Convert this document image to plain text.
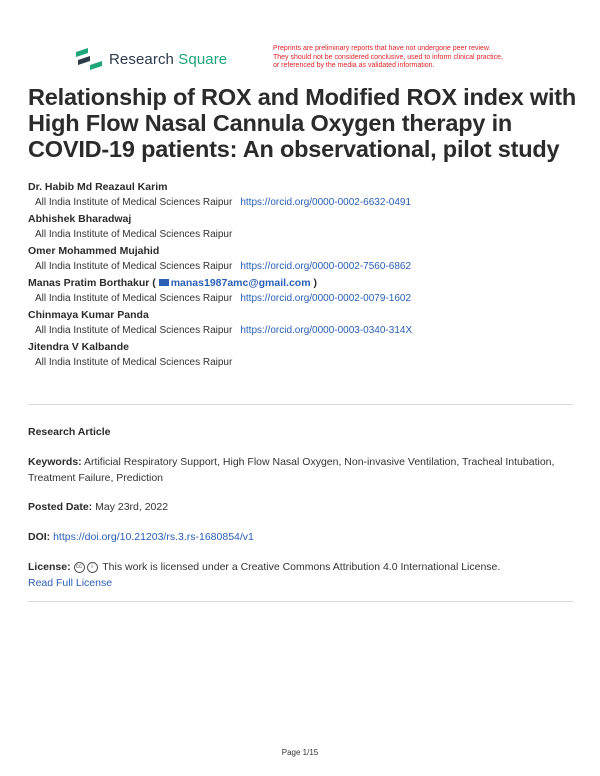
Research Square
Preprints are preliminary reports that have not undergone peer review.
They should not be considered conclusive, used to inform clinical practice,
or referenced by the media as validated information.
Relationship of ROX and Modified ROX index with High Flow Nasal Cannula Oxygen therapy in COVID-19 patients: An observational, pilot study
Dr. Habib Md Reazaul Karim
All India Institute of Medical Sciences Raipur https://orcid.org/0000-0002-6632-0491
Abhishek Bharadwaj
All India Institute of Medical Sciences Raipur
Omer Mohammed Mujahid
All India Institute of Medical Sciences Raipur https://orcid.org/0000-0002-7560-6862
Manas Pratim Borthakur ( manas1987amc@gmail.com )
All India Institute of Medical Sciences Raipur https://orcid.org/0000-0002-0079-1602
Chinmaya Kumar Panda
All India Institute of Medical Sciences Raipur https://orcid.org/0000-0003-0340-314X
Jitendra V Kalbande
All India Institute of Medical Sciences Raipur
Research Article
Keywords: Artificial Respiratory Support, High Flow Nasal Oxygen, Non-invasive Ventilation, Tracheal Intubation, Treatment Failure, Prediction
Posted Date: May 23rd, 2022
DOI: https://doi.org/10.21203/rs.3.rs-1680854/v1
License: cc i This work is licensed under a Creative Commons Attribution 4.0 International License.
Read Full License
Page 1/15
